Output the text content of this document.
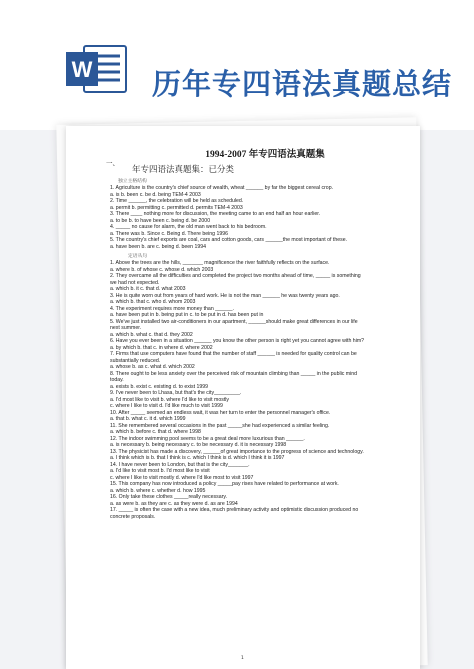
W 历年专四语法真题总结
1994-2007 年专四语法真题集
一、
年专四语法真题集：已分类
独立主格结构
1. Agriculture is the country's chief source of wealth, wheat ______ by far the biggest cereal crop.
a. is b. been c. be d. being TEM-4 2003
2. Time ______, the celebration will be held as scheduled.
a. permit b. permitting c. permitted d. permits TEM-4 2003
3. There ____ nothing more for discussion, the meeting came to an end half an hour earlier.
a. to be b. to have been c. being d. be 2000
4. _____ no cause for alarm, the old man went back to his bedroom.
a. There was b. Since c. Being d. There being 1996
5. The country's chief exports are coal, cars and cotton goods, cars ______the most important of these.
a. have been b. are c. being d. been 1994
定语从句
1. Above the trees are the hills, _______ magnificence the river faithfully reflects on the surface.
a. where b. of whose c. whose d. which 2003
2. They overcame all the difficulties and completed the project two months ahead of time, _____ is something
we had not expected.
a. which b. it c. that d. what 2003
3. He is quite worn out from years of hard work. He is not the man ______ he was twenty years ago.
a. which b. that c. who d. whom 2003
4. The experiment requires more money than ______.
a. have been put in b. being put in c. to be put in d. has been put in
5. We've just installed two air-conditioners in our apartment, ______should make great differences in our life
next summer.
a. which b. what c. that d. they 2002
6. Have you ever been in a situation ______ you know the other person is right yet you cannot agree with him?
a. by which b. that c. in where d. where 2002
7. Firms that use computers have found that the number of staff ______ is needed for quality control can be
substantially reduced.
a. whose b. as c. what d. which 2002
8. There ought to be less anxiety over the perceived risk of mountain climbing than _____ in the public mind
today.
a. exists b. exist c. existing d. to exist 1999
9. I've never been to Lhasa, but that's the city_________.
a. I'd most like to visit b. where I'd like to visit mostly
c. where I like to visit d. I'd like much to visit 1999
10. After _____ seemed an endless wait, it was her turn to enter the personnel manager's office.
a. that b. what c. it d. which 1999
11. She remembered several occasions in the past _____she had experienced a similar feeling.
a. which b. before c. that d. where 1998
12. The indoor swimming pool seems to be a great deal more luxurious than ______.
a. is necessary b. being necessary c. to be necessary d. it is necessary 1998
13. The physicist has made a discovery, ______of great importance to the progress of science and technology.
a. I think which is b. that I think is c. which I think is d. which I think it is 1997
14. I have never been to London, but that is the city_______.
a. I'd like to visit most b. I'd most like to visit
c. where I like to visit mostly d. where I'd like most to visit 1997
15. This company has now introduced a policy _____pay rises have related to performance at work.
a. which b. where c. whether d. how 1995
16. Only take these clothes _____really necessary.
a. as were b. as they are c. as they were d. as are 1994
17. _____ is often the case with a new idea, much preliminary activity and optimistic discussion produced no
concrete proposals.
1
